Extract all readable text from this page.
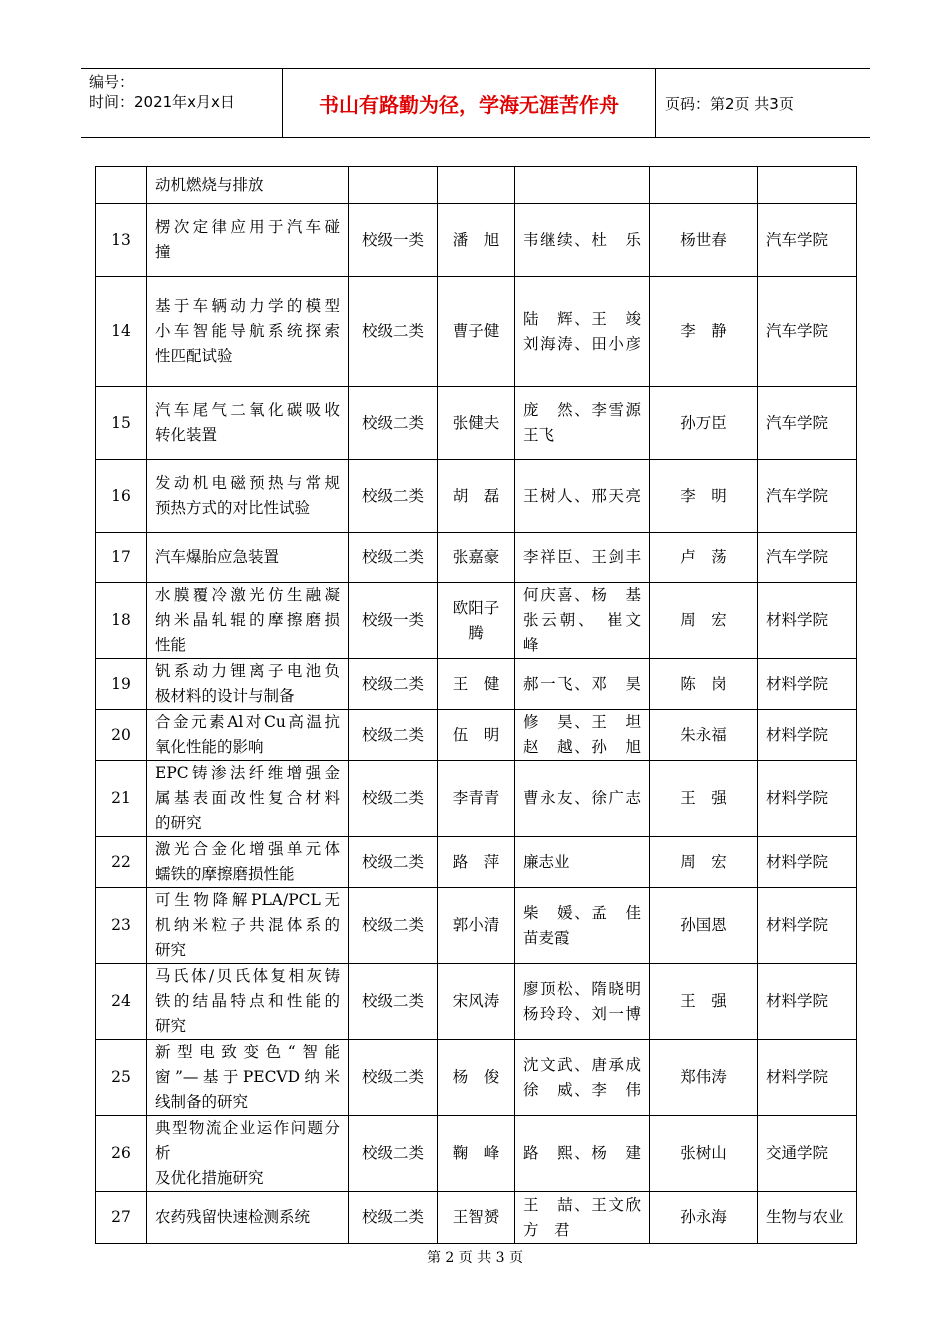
编号：
时间：2021年x月x日	书山有路勤为径，学海无涯苦作舟	页码：第2页 共3页

	动机燃烧与排放					

13	楞次定律应用于汽车碰
撞	校级一类	潘　旭	韦继续、杜　乐	杨世春	汽车学院
14	基于车辆动力学的模型
小车智能导航系统探索
性匹配试验	校级二类	曹子健	陆　辉、王　竣
刘海涛、田小彦	李　静	汽车学院
15	汽车尾气二氧化碳吸收
转化装置	校级二类	张健夫	庞　然、李雪源
王飞	孙万臣	汽车学院
16	发动机电磁预热与常规
预热方式的对比性试验	校级二类	胡　磊	王树人、邢天亮	李　明	汽车学院
17	汽车爆胎应急装置	校级二类	张嘉豪	李祥臣、王剑丰	卢　荡	汽车学院
18	水膜覆冷激光仿生融凝
纳米晶轧辊的摩擦磨损
性能	校级一类	欧阳子腾	何庆喜、杨　基
张云朝、　崔文
峰	周　宏	材料学院
19	钒系动力锂离子电池负
极材料的设计与制备	校级二类	王　健	郝一飞、邓　昊	陈　岗	材料学院
20	合金元素Al对Cu高温抗
氧化性能的影响	校级二类	伍　明	修　昊、王　坦
赵　越、孙　旭	朱永福	材料学院
21	EPC铸渗法纤维增强金
属基表面改性复合材料
的研究	校级二类	李青青	曹永友、徐广志	王　强	材料学院
22	激光合金化增强单元体
蠕铁的摩擦磨损性能	校级二类	路　萍	廉志业	周　宏	材料学院
23	可生物降解PLA/PCL无
机纳米粒子共混体系的
研究	校级二类	郭小清	柴　媛、孟　佳
苗麦霞	孙国恩	材料学院
24	马氏体/贝氏体复相灰铸
铁的结晶特点和性能的
研究	校级二类	宋风涛	廖顶松、隋晓明
杨玲玲、刘一博	王　强	材料学院
25	新型电致变色“智能
窗”—基于PECVD纳米
线制备的研究	校级二类	杨　俊	沈文武、唐承成
徐　威、李　伟	郑伟涛	材料学院
26	典型物流企业运作问题分析
及优化措施研究	校级二类	鞠　峰	路　熙、杨　建	张树山	交通学院
27	农药残留快速检测系统	校级二类	王智赟	王　喆、王文欣
方　君	孙永海	生物与农业
第 2 页 共 3 页
